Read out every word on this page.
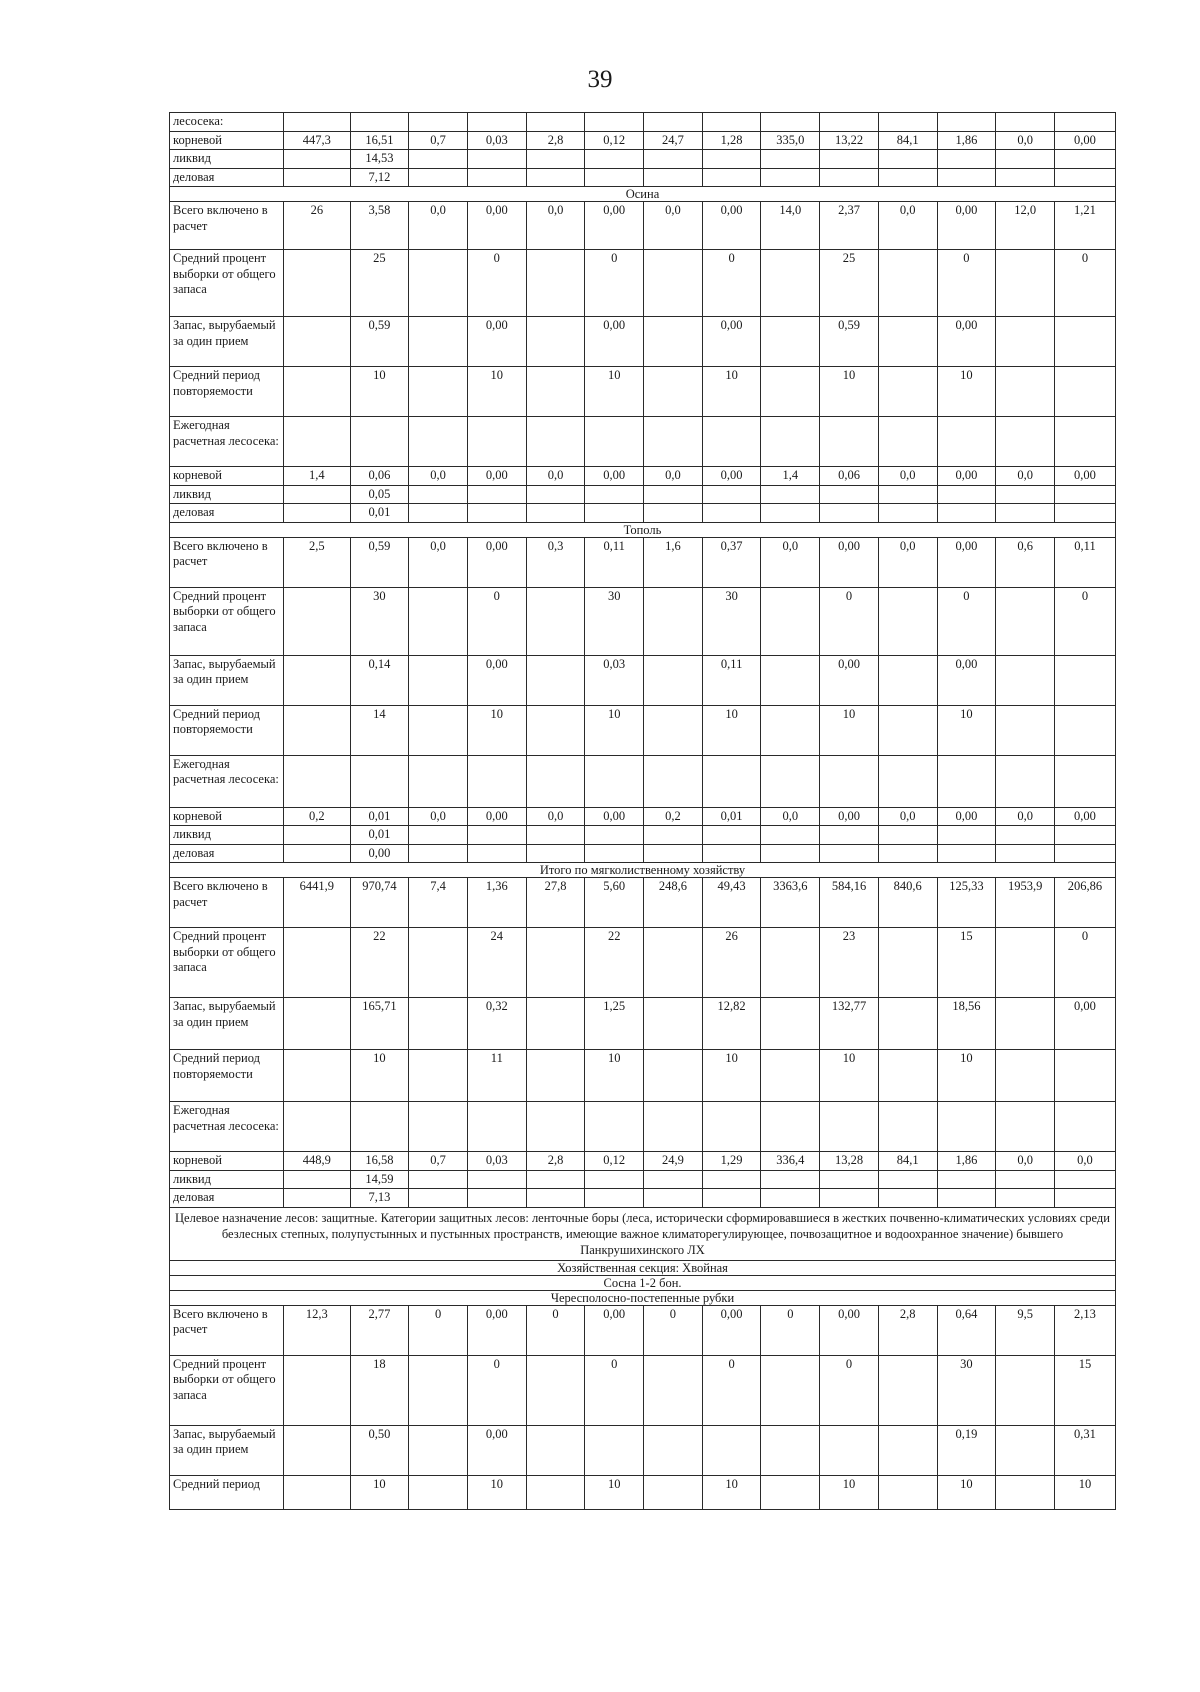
39
лесосека:														
корневой	447,3	16,51	0,7	0,03	2,8	0,12	24,7	1,28	335,0	13,22	84,1	1,86	0,0	0,00
ликвид		14,53												
деловая		7,12												
Осина														
Всего включено в расчет	26	3,58	0,0	0,00	0,0	0,00	0,0	0,00	14,0	2,37	0,0	0,00	12,0	1,21
Средний процент выборки от общего запаса		25		0		0		0		25		0		0
Запас, вырубаемый за один прием		0,59		0,00		0,00		0,00		0,59		0,00		
Средний период повторяемости		10		10		10		10		10		10		
Ежегодная расчетная лесосека:														
корневой	1,4	0,06	0,0	0,00	0,0	0,00	0,0	0,00	1,4	0,06	0,0	0,00	0,0	0,00
ликвид		0,05												
деловая		0,01												
Тополь														
Всего включено в расчет	2,5	0,59	0,0	0,00	0,3	0,11	1,6	0,37	0,0	0,00	0,0	0,00	0,6	0,11
Средний процент выборки от общего запаса		30		0		30		30		0		0		0
Запас, вырубаемый за один прием		0,14		0,00		0,03		0,11		0,00		0,00		
Средний период повторяемости		14		10		10		10		10		10		
Ежегодная расчетная лесосека:														
корневой	0,2	0,01	0,0	0,00	0,0	0,00	0,2	0,01	0,0	0,00	0,0	0,00	0,0	0,00
ликвид		0,01												
деловая		0,00												
Итого по мягколиственному хозяйству														
Всего включено в расчет	6441,9	970,74	7,4	1,36	27,8	5,60	248,6	49,43	3363,6	584,16	840,6	125,33	1953,9	206,86
Средний процент выборки от общего запаса		22		24		22		26		23		15		0
Запас, вырубаемый за один прием		165,71		0,32		1,25		12,82		132,77		18,56		0,00
Средний период повторяемости		10		11		10		10		10		10		
Ежегодная расчетная лесосека:														
корневой	448,9	16,58	0,7	0,03	2,8	0,12	24,9	1,29	336,4	13,28	84,1	1,86	0,0	0,0
ликвид		14,59												
деловая		7,13												
Целевое назначение лесов: защитные. Категории защитных лесов: ленточные боры (леса, исторически сформировавшиеся в жестких почвенно-климатических условиях среди безлесных степных, полупустынных и пустынных пространств, имеющие важное климаторегулирующее, почвозащитное и водоохранное значение) бывшего Панкрушихинского ЛХ														
Хозяйственная секция: Хвойная														
Сосна 1-2 бон.														
Чересполосно-постепенные рубки														
Всего включено в расчет	12,3	2,77	0	0,00	0	0,00	0	0,00	0	0,00	2,8	0,64	9,5	2,13
Средний процент выборки от общего запаса		18		0		0		0		0		30		15
Запас, вырубаемый за один прием		0,50		0,00								0,19		0,31
Средний период		10		10		10		10		10		10		10
